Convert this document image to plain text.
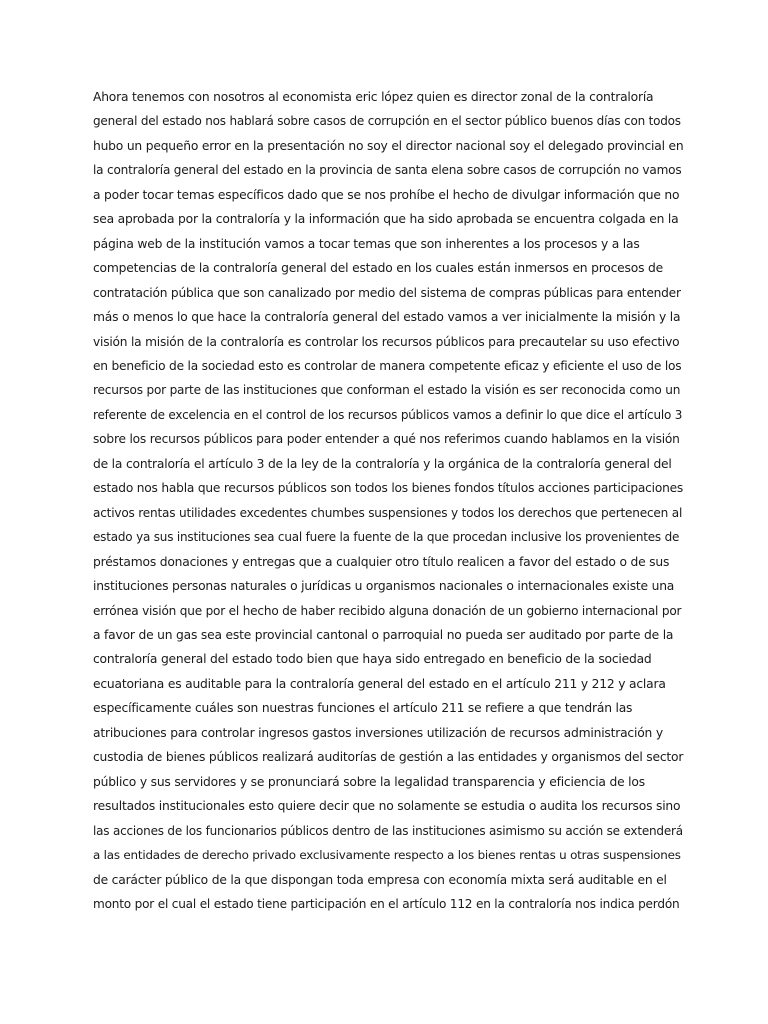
Ahora tenemos con nosotros al economista eric lópez quien es director zonal de la contraloría
general del estado nos hablará sobre casos de corrupción en el sector público buenos días con todos
hubo un pequeño error en la presentación no soy el director nacional soy el delegado provincial en
la contraloría general del estado en la provincia de santa elena sobre casos de corrupción no vamos
a poder tocar temas específicos dado que se nos prohíbe el hecho de divulgar información que no
sea aprobada por la contraloría y la información que ha sido aprobada se encuentra colgada en la
página web de la institución vamos a tocar temas que son inherentes a los procesos y a las
competencias de la contraloría general del estado en los cuales están inmersos en procesos de
contratación pública que son canalizado por medio del sistema de compras públicas para entender
más o menos lo que hace la contraloría general del estado vamos a ver inicialmente la misión y la
visión la misión de la contraloría es controlar los recursos públicos para precautelar su uso efectivo
en beneficio de la sociedad esto es controlar de manera competente eficaz y eficiente el uso de los
recursos por parte de las instituciones que conforman el estado la visión es ser reconocida como un
referente de excelencia en el control de los recursos públicos vamos a definir lo que dice el artículo 3
sobre los recursos públicos para poder entender a qué nos referimos cuando hablamos en la visión
de la contraloría el artículo 3 de la ley de la contraloría y la orgánica de la contraloría general del
estado nos habla que recursos públicos son todos los bienes fondos títulos acciones participaciones
activos rentas utilidades excedentes chumbes suspensiones y todos los derechos que pertenecen al
estado ya sus instituciones sea cual fuere la fuente de la que procedan inclusive los provenientes de
préstamos donaciones y entregas que a cualquier otro título realicen a favor del estado o de sus
instituciones personas naturales o jurídicas u organismos nacionales o internacionales existe una
errónea visión que por el hecho de haber recibido alguna donación de un gobierno internacional por
a favor de un gas sea este provincial cantonal o parroquial no pueda ser auditado por parte de la
contraloría general del estado todo bien que haya sido entregado en beneficio de la sociedad
ecuatoriana es auditable para la contraloría general del estado en el artículo 211 y 212 y aclara
específicamente cuáles son nuestras funciones el artículo 211 se refiere a que tendrán las
atribuciones para controlar ingresos gastos inversiones utilización de recursos administración y
custodia de bienes públicos realizará auditorías de gestión a las entidades y organismos del sector
público y sus servidores y se pronunciará sobre la legalidad transparencia y eficiencia de los
resultados institucionales esto quiere decir que no solamente se estudia o audita los recursos sino
las acciones de los funcionarios públicos dentro de las instituciones asimismo su acción se extenderá
a las entidades de derecho privado exclusivamente respecto a los bienes rentas u otras suspensiones
de carácter público de la que dispongan toda empresa con economía mixta será auditable en el
monto por el cual el estado tiene participación en el artículo 112 en la contraloría nos indica perdón
